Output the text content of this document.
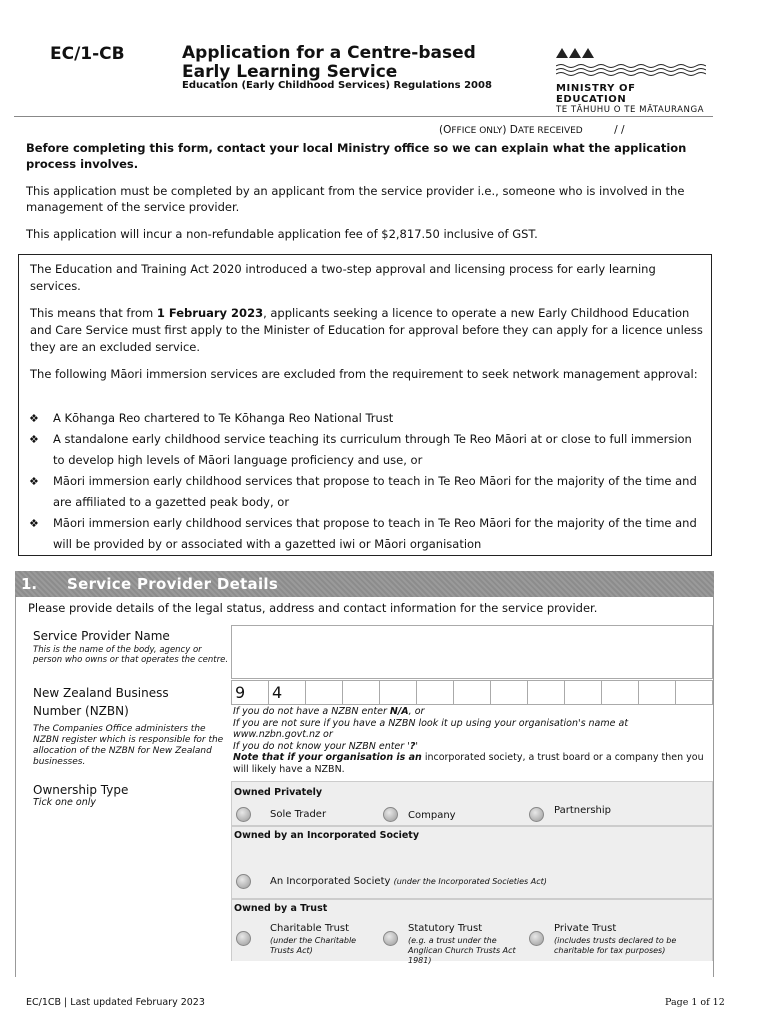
EC/1-CB	Application for a Centre-based Early Learning Service
Education (Early Childhood Services) Regulations 2008	MINISTRY OF EDUCATION
TE TĀHUHU O TE MĀTAURANGA
(OFFICE ONLY) DATE RECEIVED	/ /
Before completing this form, contact your local Ministry office so we can explain what the application process involves.
This application must be completed by an applicant from the service provider i.e., someone who is involved in the management of the service provider.
This application will incur a non-refundable application fee of $2,817.50 inclusive of GST.

The Education and Training Act 2020 introduced a two-step approval and licensing process for early learning services.

This means that from 1 February 2023, applicants seeking a licence to operate a new Early Childhood Education and Care Service must first apply to the Minister of Education for approval before they can apply for a licence unless they are an excluded service.

The following Māori immersion services are excluded from the requirement to seek network management approval:

❖ A Kōhanga Reo chartered to Te Kōhanga Reo National Trust
❖ A standalone early childhood service teaching its curriculum through Te Reo Māori at or close to full immersion to develop high levels of Māori language proficiency and use, or
❖ Māori immersion early childhood services that propose to teach in Te Reo Māori for the majority of the time and are affiliated to a gazetted peak body, or
❖ Māori immersion early childhood services that propose to teach in Te Reo Māori for the majority of the time and will be provided by or associated with a gazetted iwi or Māori organisation
1. Service Provider Details
Please provide details of the legal status, address and contact information for the service provider.
Service Provider Name
This is the name of the body, agency or person who owns or that operates the centre.
New Zealand Business
Number (NZBN)
The Companies Office administers the NZBN register which is responsible for the allocation of the NZBN for New Zealand businesses.
9	4
If you do not have a NZBN enter N/A, or
If you are not sure if you have a NZBN look it up using your organisation's name at www.nzbn.govt.nz or
If you do not know your NZBN enter '?'
Note that if your organisation is an incorporated society, a trust board or a company then you will likely have a NZBN.
Ownership Type
Tick one only
Owned Privately
Sole Trader	Company	Partnership
Owned by an Incorporated Society
An Incorporated Society (under the Incorporated Societies Act)
Owned by a Trust
Charitable Trust
(under the Charitable Trusts Act)
Statutory Trust
(e.g. a trust under the Anglican Church Trusts Act 1981)
Private Trust
(includes trusts declared to be charitable for tax purposes)
EC/1CB | Last updated February 2023	Page 1 of 12
